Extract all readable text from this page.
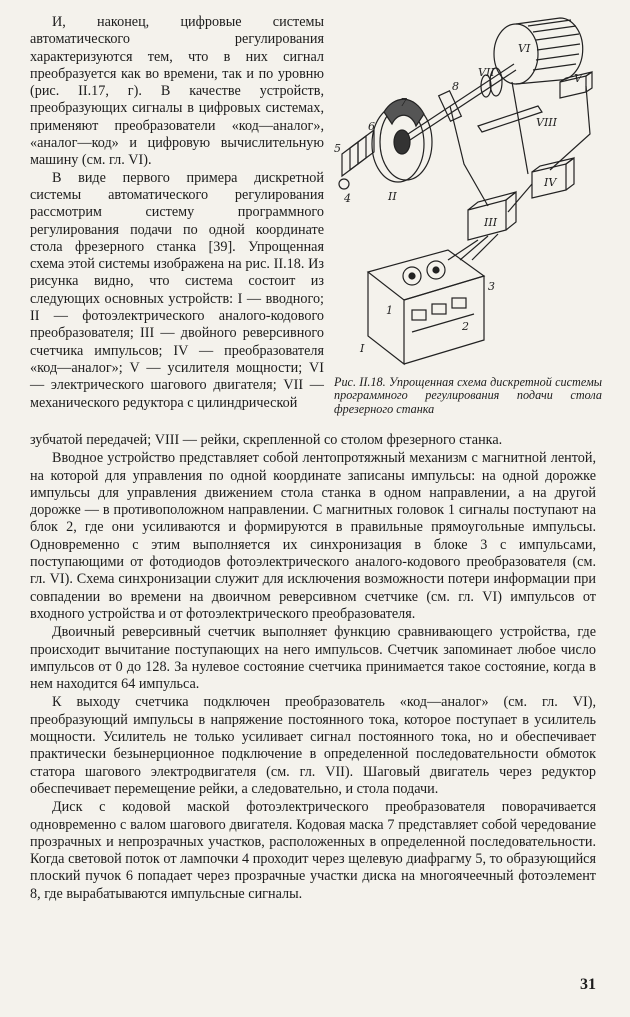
И, наконец, цифровые системы автоматического регулирования характеризуются тем, что в них сигнал преобразуется как во времени, так и по уровню (рис. II.17, г). В качестве устройств, преобразующих сигналы в цифровых системах, применяют преобразователи «код—аналог», «аналог—код» и цифровую вычислительную машину (см. гл. VI).

В виде первого примера дискретной системы автоматического регулирования рассмотрим систему программного регулирования подачи по одной координате стола фрезерного станка [39]. Упрощенная схема этой системы изображена на рис. II.18. Из рисунка видно, что система состоит из следующих основных устройств: I — вводного; II — фотоэлектрического аналого-кодового преобразователя; III — двойного реверсивного счетчика импульсов; IV — преобразователя «код—аналог»; V — усилителя мощности; VI — электрического шагового двигателя; VII — механического редуктора с цилиндрической

VI
VII
VIII
V
IV
III
II
I
2
3
1
4
5
6
7
8
Рис. II.18. Упрощенная схема дискретной системы программного регулирования подачи стола фрезерного станка

зубчатой передачей; VIII — рейки, скрепленной со столом фрезерного станка.

Вводное устройство представляет собой лентопротяжный механизм с магнитной лентой, на которой для управления по одной координате записаны импульсы: на одной дорожке импульсы для управления движением стола станка в одном направлении, а на другой дорожке — в противоположном направлении. С магнитных головок 1 сигналы поступают на блок 2, где они усиливаются и формируются в правильные прямоугольные импульсы. Одновременно с этим выполняется их синхронизация в блоке 3 с импульсами, поступающими от фотодиодов фотоэлектрического аналого-кодового преобразователя (см. гл. VI). Схема синхронизации служит для исключения возможности потери информации при совпадении во времени на двоичном реверсивном счетчике (см. гл. VI) импульсов от входного устройства и от фотоэлектрического преобразователя.

Двоичный реверсивный счетчик выполняет функцию сравнивающего устройства, где происходит вычитание поступающих на него импульсов. Счетчик запоминает любое число импульсов от 0 до 128. За нулевое состояние счетчика принимается такое состояние, когда в нем находится 64 импульса.

К выходу счетчика подключен преобразователь «код—аналог» (см. гл. VI), преобразующий импульсы в напряжение постоянного тока, которое поступает в усилитель мощности. Усилитель не только усиливает сигнал постоянного тока, но и обеспечивает практически безынерционное подключение в определенной последовательности обмоток статора шагового электродвигателя (см. гл. VII). Шаговый двигатель через редуктор обеспечивает перемещение рейки, а следовательно, и стола подачи.

Диск с кодовой маской фотоэлектрического преобразователя поворачивается одновременно с валом шагового двигателя. Кодовая маска 7 представляет собой чередование прозрачных и непрозрачных участков, расположенных в определенной последовательности. Когда световой поток от лампочки 4 проходит через щелевую диафрагму 5, то образующийся плоский пучок 6 попадает через прозрачные участки диска на многоячеечный фотоэлемент 8, где вырабатываются импульсные сигналы.

31
